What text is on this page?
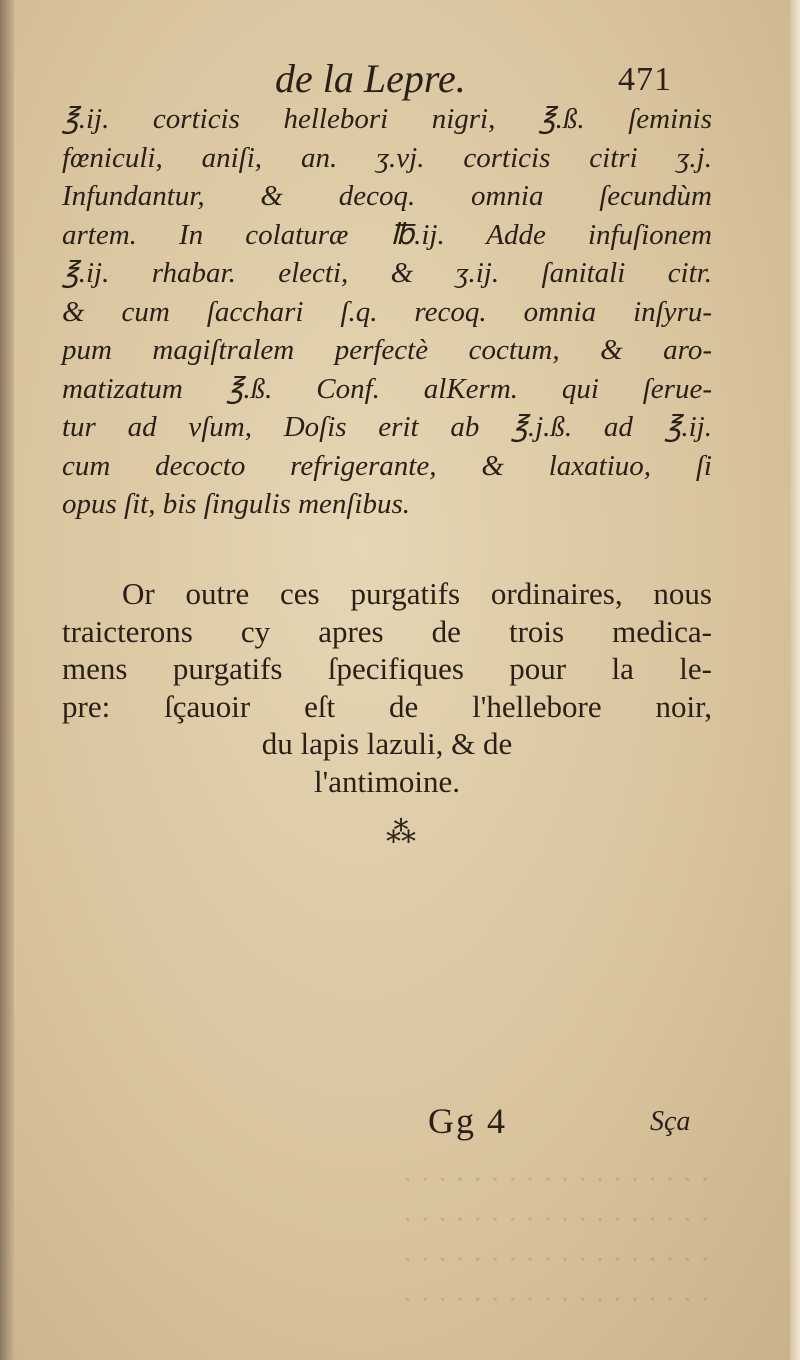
de la Lepre.	471
℥.ij. corticis hellebori nigri, ℥.ß. ſeminis
fœniculi, aniſi, an. ʒ.vj. corticis citri ʒ.j.
Infundantur, & decoq. omnia ſecundùm
artem. In colaturæ ℔.ij. Adde infuſionem
℥.ij. rhabar. electi, & ʒ.ij. ſanitali citr.
& cum ſacchari ſ.q. recoq. omnia inſyru-
pum magiſtralem perfectè coctum, & aro-
matizatum ℥.ß. Conf. alKerm. qui ſerue-
tur ad vſum, Doſis erit ab ℥.j.ß. ad ℥.ij.
cum decocto refrigerante, & laxatiuo, ſi
opus ſit, bis ſingulis menſibus.
Or outre ces purgatifs ordinaires, nous
traicterons cy apres de trois medica-
mens purgatifs ſpecifiques pour la le-
pre: ſçauoir eſt de l'hellebore noir,
du lapis lazuli, & de
l'antimoine.
⁂
· · · · · · · · · · · · · · · · · ·
· · · · · · · · · · · · · · · · · ·
· · · · · · · · · · · · · · · · · ·
· · · · · · · · · · · · · · · · · ·
Gg 4	Sça
